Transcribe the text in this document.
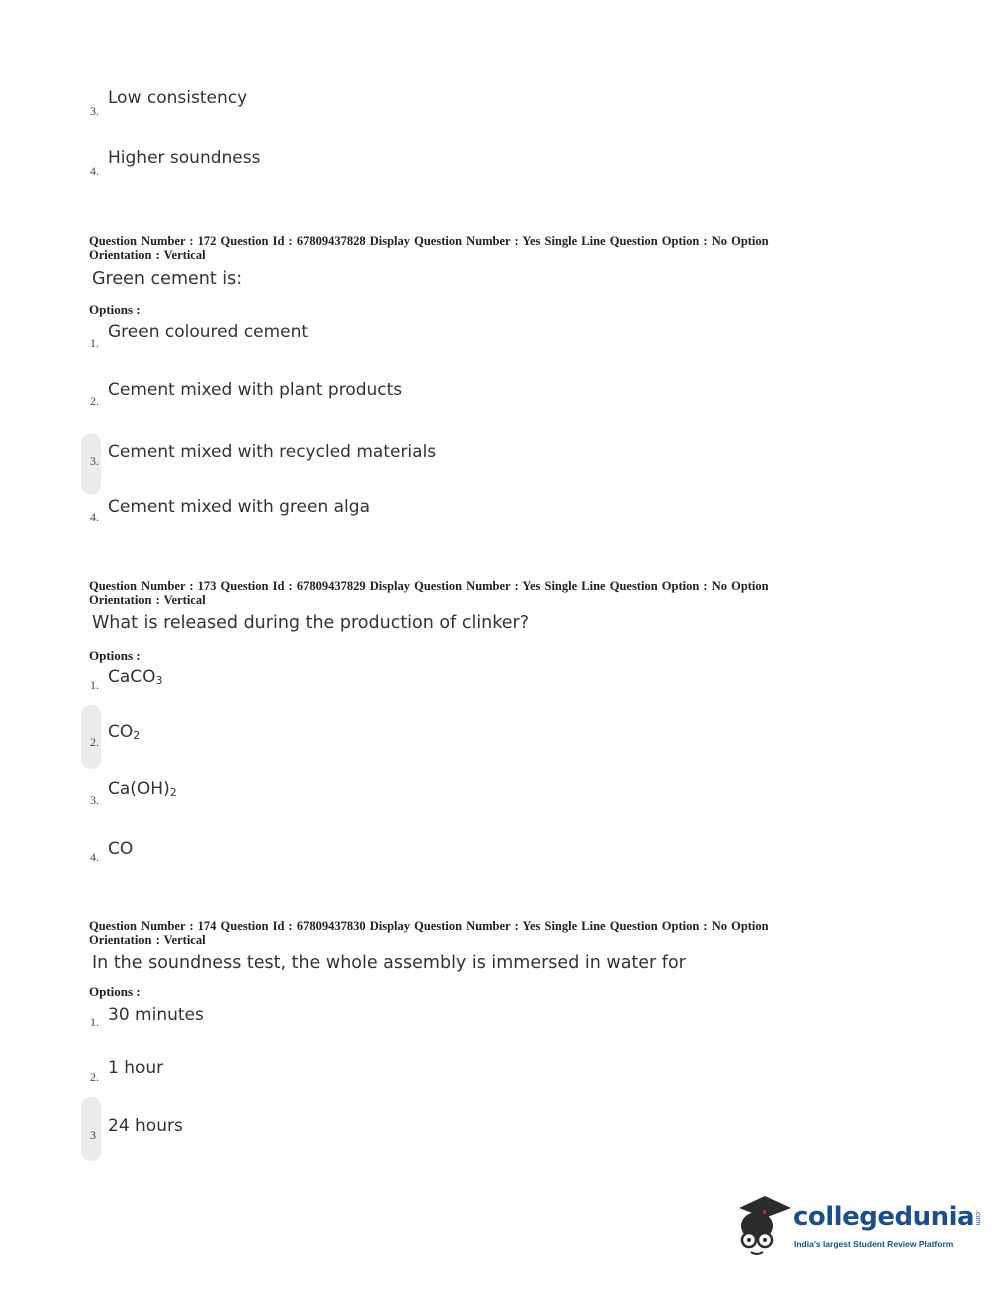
3.
Low consistency
4.
Higher soundness
Question Number : 172 Question Id : 67809437828 Display Question Number : Yes Single Line Question Option : No Option
Orientation : Vertical
Green cement is:
Options :
1.
Green coloured cement
2.
Cement mixed with plant products
3. Cement mixed with recycled materials
4. Cement mixed with green alga
Question Number : 173 Question Id : 67809437829 Display Question Number : Yes Single Line Question Option : No Option
Orientation : Vertical
What is released during the production of clinker?
Options :
1. CaCO$_3$
2. $CO_2$
3.
$Ca(OH)_2$
4. CO
Question Number : 174 Question Id : 67809437830 Display Question Number : Yes Single Line Question Option : No Option
Orientation : Vertical
In the soundness test, the whole assembly is immersed in water for
Options :
1. 30 minutes
2. 1 hour
3 24 hours
collegedunia.com
India's largest Student Review Platform
